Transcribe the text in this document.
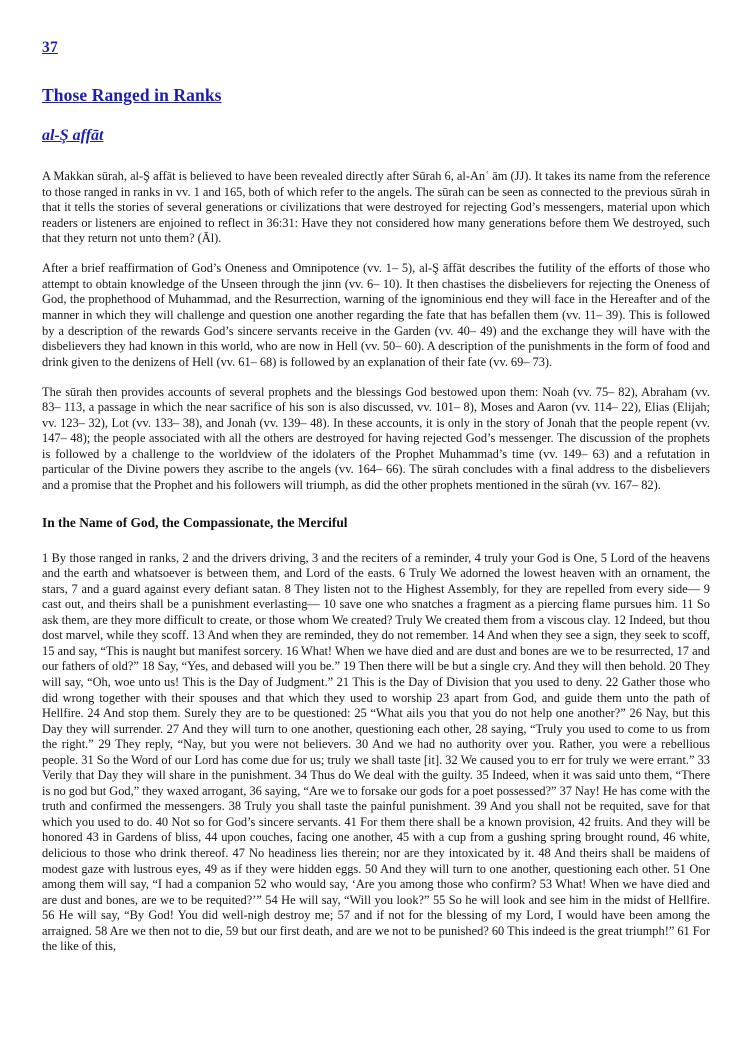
37
Those Ranged in Ranks
al-Ş affāt

A Makkan sūrah, al-Ş affāt is believed to have been revealed directly after Sūrah 6, al-Anʿ ām (JJ). It takes its name from the reference to those ranged in ranks in vv. 1 and 165, both of which refer to the angels. The sūrah can be seen as connected to the previous sūrah in that it tells the stories of several generations or civilizations that were destroyed for rejecting God’s messengers, material upon which readers or listeners are enjoined to reflect in 36:31: Have they not considered how many generations before them We destroyed, such that they return not unto them? (Āl).

After a brief reaffirmation of God’s Oneness and Omnipotence (vv. 1– 5), al-Ş āffāt describes the futility of the efforts of those who attempt to obtain knowledge of the Unseen through the jinn (vv. 6– 10). It then chastises the disbelievers for rejecting the Oneness of God, the prophethood of Muhammad, and the Resurrection, warning of the ignominious end they will face in the Hereafter and of the manner in which they will challenge and question one another regarding the fate that has befallen them (vv. 11– 39). This is followed by a description of the rewards God’s sincere servants receive in the Garden (vv. 40– 49) and the exchange they will have with the disbelievers they had known in this world, who are now in Hell (vv. 50– 60). A description of the punishments in the form of food and drink given to the denizens of Hell (vv. 61– 68) is followed by an explanation of their fate (vv. 69– 73).

The sūrah then provides accounts of several prophets and the blessings God bestowed upon them: Noah (vv. 75– 82), Abraham (vv. 83– 113, a passage in which the near sacrifice of his son is also discussed, vv. 101– 8), Moses and Aaron (vv. 114– 22), Elias (Elijah; vv. 123– 32), Lot (vv. 133– 38), and Jonah (vv. 139– 48). In these accounts, it is only in the story of Jonah that the people repent (vv. 147– 48); the people associated with all the others are destroyed for having rejected God’s messenger. The discussion of the prophets is followed by a challenge to the worldview of the idolaters of the Prophet Muhammad’s time (vv. 149– 63) and a refutation in particular of the Divine powers they ascribe to the angels (vv. 164– 66). The sūrah concludes with a final address to the disbelievers and a promise that the Prophet and his followers will triumph, as did the other prophets mentioned in the sūrah (vv. 167– 82).

In the Name of God, the Compassionate, the Merciful

1 By those ranged in ranks, 2 and the drivers driving, 3 and the reciters of a reminder, 4 truly your God is One, 5 Lord of the heavens and the earth and whatsoever is between them, and Lord of the easts. 6 Truly We adorned the lowest heaven with an ornament, the stars, 7 and a guard against every defiant satan. 8 They listen not to the Highest Assembly, for they are repelled from every side— 9 cast out, and theirs shall be a punishment everlasting— 10 save one who snatches a fragment as a piercing flame pursues him. 11 So ask them, are they more difficult to create, or those whom We created? Truly We created them from a viscous clay. 12 Indeed, but thou dost marvel, while they scoff. 13 And when they are reminded, they do not remember. 14 And when they see a sign, they seek to scoff, 15 and say, “This is naught but manifest sorcery. 16 What! When we have died and are dust and bones are we to be resurrected, 17 and our fathers of old?” 18 Say, “Yes, and debased will you be.” 19 Then there will be but a single cry. And they will then behold. 20 They will say, “Oh, woe unto us! This is the Day of Judgment.” 21 This is the Day of Division that you used to deny. 22 Gather those who did wrong together with their spouses and that which they used to worship 23 apart from God, and guide them unto the path of Hellfire. 24 And stop them. Surely they are to be questioned: 25 “What ails you that you do not help one another?” 26 Nay, but this Day they will surrender. 27 And they will turn to one another, questioning each other, 28 saying, “Truly you used to come to us from the right.” 29 They reply, “Nay, but you were not believers. 30 And we had no authority over you. Rather, you were a rebellious people. 31 So the Word of our Lord has come due for us; truly we shall taste [it]. 32 We caused you to err for truly we were errant.” 33 Verily that Day they will share in the punishment. 34 Thus do We deal with the guilty. 35 Indeed, when it was said unto them, “There is no god but God,” they waxed arrogant, 36 saying, “Are we to forsake our gods for a poet possessed?” 37 Nay! He has come with the truth and confirmed the messengers. 38 Truly you shall taste the painful punishment. 39 And you shall not be requited, save for that which you used to do. 40 Not so for God’s sincere servants. 41 For them there shall be a known provision, 42 fruits. And they will be honored 43 in Gardens of bliss, 44 upon couches, facing one another, 45 with a cup from a gushing spring brought round, 46 white, delicious to those who drink thereof. 47 No headiness lies therein; nor are they intoxicated by it. 48 And theirs shall be maidens of modest gaze with lustrous eyes, 49 as if they were hidden eggs. 50 And they will turn to one another, questioning each other. 51 One among them will say, “I had a companion 52 who would say, ‘Are you among those who confirm? 53 What! When we have died and are dust and bones, are we to be requited?’” 54 He will say, “Will you look?” 55 So he will look and see him in the midst of Hellfire. 56 He will say, “By God! You did well-nigh destroy me; 57 and if not for the blessing of my Lord, I would have been among the arraigned. 58 Are we then not to die, 59 but our first death, and are we not to be punished? 60 This indeed is the great triumph!” 61 For the like of this,
